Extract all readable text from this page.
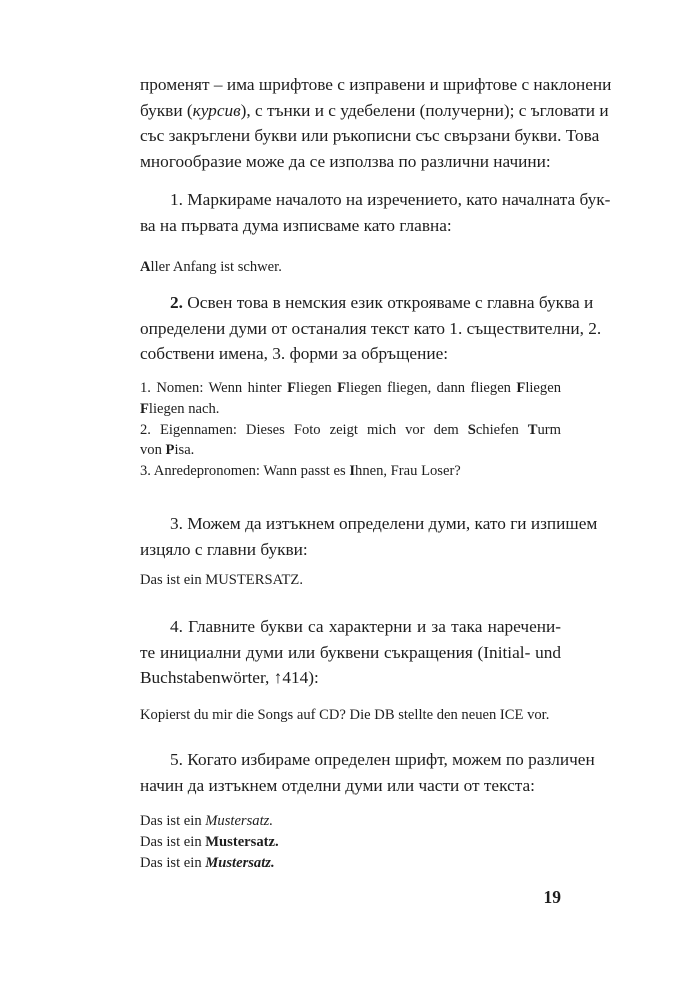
променят – има шрифтове с изправени и шрифтове с наклонени
букви (курсив), с тънки и с удебелени (получерни); с ъгловати и
със закръглени букви или ръкописни със свързани букви. Това
многообразие може да се използва по различни начини:
1. Маркираме началото на изречението, като началната бук-
ва на първата дума изписваме като главна:

Aller Anfang ist schwer.

2. Освен това в немския език открояваме с главна буква и
определени думи от останалия текст като 1. съществителни, 2.
собствени имена, 3. форми за обръщение:
1. Nomen: Wenn hinter Fliegen Fliegen fliegen, dann fliegen Fliegen
Fliegen nach.
2. Eigennamen: Dieses Foto zeigt mich vor dem Schiefen Turm
von Pisa.
3. Anredepronomen: Wann passt es Ihnen, Frau Loser?
3. Можем да изтъкнем определени думи, като ги изпишем
изцяло с главни букви:

Das ist ein MUSTERSATZ.

4. Главните букви са характерни и за така наречени-
те инициални думи или буквени съкращения (Initial- und
Buchstabenwörter, ↑414):

Kopierst du mir die Songs auf CD? Die DB stellte den neuen ICE vor.

5. Когато избираме определен шрифт, можем по различен
начин да изтъкнем отделни думи или части от текста:
Das ist ein Mustersatz.
Das ist ein Mustersatz.
Das ist ein Mustersatz.
19
